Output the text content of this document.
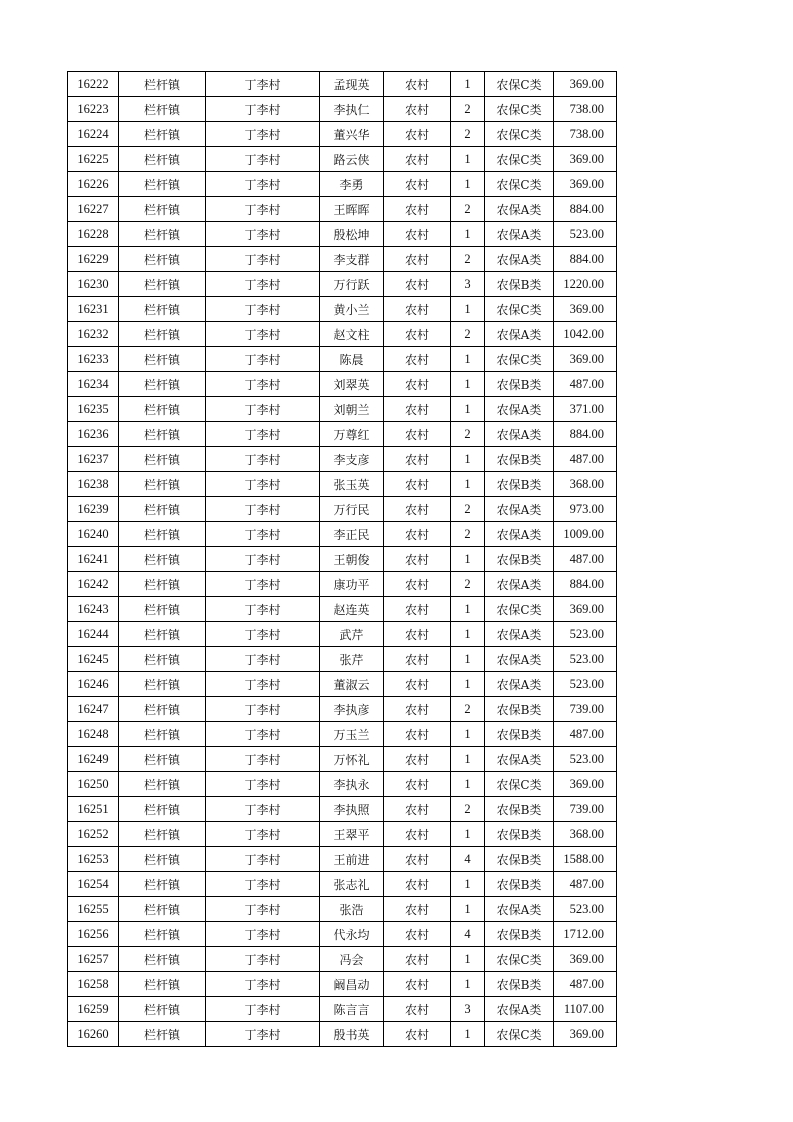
16222	栏杆镇	丁李村	孟现英	农村	1	农保C类	369.00
16223	栏杆镇	丁李村	李执仁	农村	2	农保C类	738.00
16224	栏杆镇	丁李村	董兴华	农村	2	农保C类	738.00
16225	栏杆镇	丁李村	路云侠	农村	1	农保C类	369.00
16226	栏杆镇	丁李村	李勇	农村	1	农保C类	369.00
16227	栏杆镇	丁李村	王晖晖	农村	2	农保A类	884.00
16228	栏杆镇	丁李村	殷松坤	农村	1	农保A类	523.00
16229	栏杆镇	丁李村	李支群	农村	2	农保A类	884.00
16230	栏杆镇	丁李村	万行跃	农村	3	农保B类	1220.00
16231	栏杆镇	丁李村	黄小兰	农村	1	农保C类	369.00
16232	栏杆镇	丁李村	赵文柱	农村	2	农保A类	1042.00
16233	栏杆镇	丁李村	陈晨	农村	1	农保C类	369.00
16234	栏杆镇	丁李村	刘翠英	农村	1	农保B类	487.00
16235	栏杆镇	丁李村	刘朝兰	农村	1	农保A类	371.00
16236	栏杆镇	丁李村	万尊红	农村	2	农保A类	884.00
16237	栏杆镇	丁李村	李支彦	农村	1	农保B类	487.00
16238	栏杆镇	丁李村	张玉英	农村	1	农保B类	368.00
16239	栏杆镇	丁李村	万行民	农村	2	农保A类	973.00
16240	栏杆镇	丁李村	李正民	农村	2	农保A类	1009.00
16241	栏杆镇	丁李村	王朝俊	农村	1	农保B类	487.00
16242	栏杆镇	丁李村	康功平	农村	2	农保A类	884.00
16243	栏杆镇	丁李村	赵连英	农村	1	农保C类	369.00
16244	栏杆镇	丁李村	武芹	农村	1	农保A类	523.00
16245	栏杆镇	丁李村	张芹	农村	1	农保A类	523.00
16246	栏杆镇	丁李村	董淑云	农村	1	农保A类	523.00
16247	栏杆镇	丁李村	李执彦	农村	2	农保B类	739.00
16248	栏杆镇	丁李村	万玉兰	农村	1	农保B类	487.00
16249	栏杆镇	丁李村	万怀礼	农村	1	农保A类	523.00
16250	栏杆镇	丁李村	李执永	农村	1	农保C类	369.00
16251	栏杆镇	丁李村	李执照	农村	2	农保B类	739.00
16252	栏杆镇	丁李村	王翠平	农村	1	农保B类	368.00
16253	栏杆镇	丁李村	王前进	农村	4	农保B类	1588.00
16254	栏杆镇	丁李村	张志礼	农村	1	农保B类	487.00
16255	栏杆镇	丁李村	张浩	农村	1	农保A类	523.00
16256	栏杆镇	丁李村	代永均	农村	4	农保B类	1712.00
16257	栏杆镇	丁李村	冯会	农村	1	农保C类	369.00
16258	栏杆镇	丁李村	阚昌动	农村	1	农保B类	487.00
16259	栏杆镇	丁李村	陈言言	农村	3	农保A类	1107.00
16260	栏杆镇	丁李村	殷书英	农村	1	农保C类	369.00
